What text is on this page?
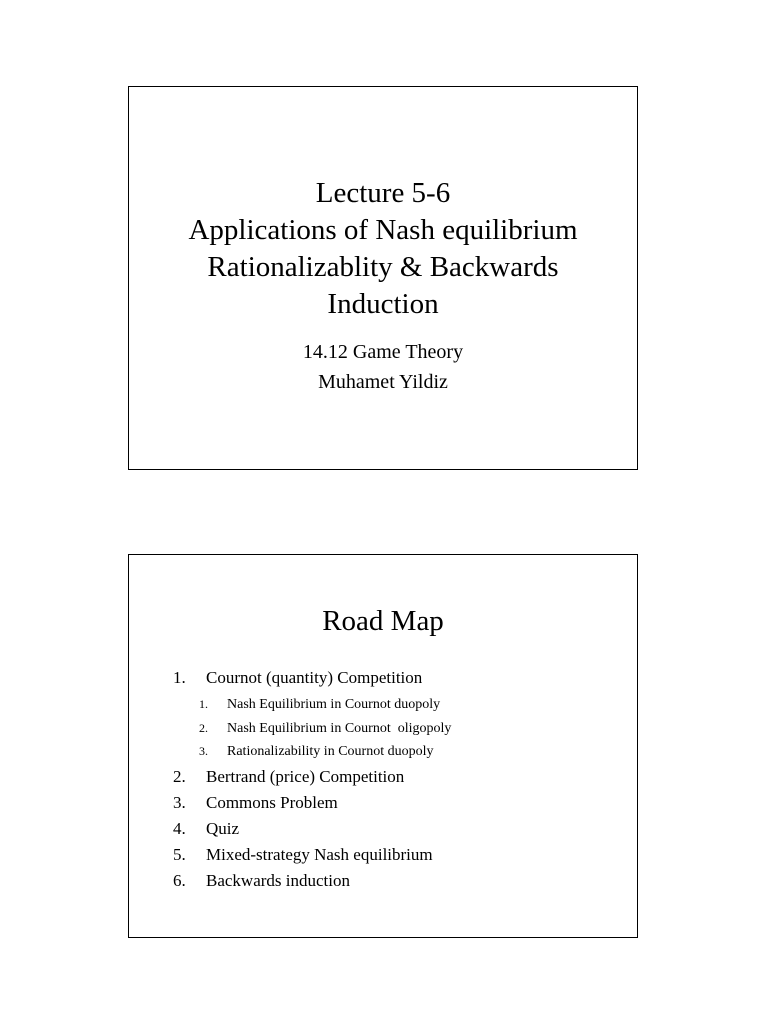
Lecture 5-6
Applications of Nash equilibrium
Rationalizablity & Backwards
Induction
14.12 Game Theory
Muhamet Yildiz
Road Map
1. Cournot (quantity) Competition
1. Nash Equilibrium in Cournot duopoly
2. Nash Equilibrium in Cournot  oligopoly
3. Rationalizability in Cournot duopoly
2. Bertrand (price) Competition
3. Commons Problem
4. Quiz
5. Mixed-strategy Nash equilibrium
6. Backwards induction
